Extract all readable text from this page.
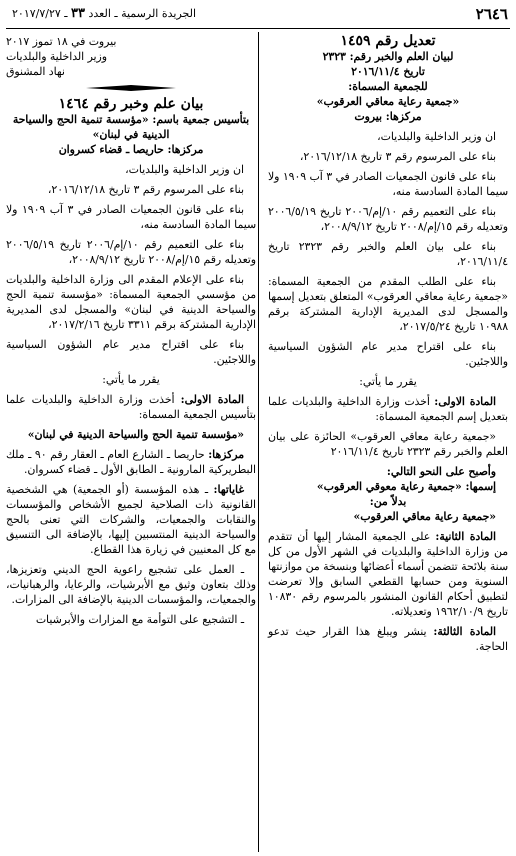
٢٦٤٦
الجريدة الرسمية ـ العدد ٣٣ ـ ٢٠١٧/٧/٢٧

تعديل رقم ١٤٥٩

لبيان العلم والخبر رقم: ٢٣٢٣

تاريخ ٢٠١٦/١١/٤

للجمعية المسماة:

«جمعية رعاية معاقي العرقوب»

مركزها: بيروت

ان وزير الداخلية والبلديات،

بناء على المرسوم رقم ٣ تاريخ ٢٠١٦/١٢/١٨،

بناء على قانون الجمعيات الصادر في ٣ آب ١٩٠٩ ولا سيما المادة السادسة منه،

بناء على التعميم رقم ١٠/إم/٢٠٠٦ تاريخ ٢٠٠٦/٥/١٩ وتعديله رقم ١٥/إم/٢٠٠٨ تاريخ ٢٠٠٨/٩/١٢،

بناء على بيان العلم والخبر رقم ٢٣٢٣ تاريخ ٢٠١٦/١١/٤،

بناء على الطلب المقدم من الجمعية المسماة: «جمعية رعاية معاقي العرقوب» المتعلق بتعديل إسمها والمسجل لدى المديرية الإدارية المشتركة برقم ١٠٩٨٨ تاريخ ٢٠١٧/٥/٢٤،

بناء على اقتراح مدير عام الشؤون السياسية واللاجئين.

يقرر ما يأتي:

المادة الاولى: أخذت وزارة الداخلية والبلديات علما بتعديل إسم الجمعية المسماة:

«جمعية رعاية معاقي العرقوب» الحائزة على بيان العلم والخبر رقم ٢٣٢٣ تاريخ ٢٠١٦/١١/٤

وأصبح على النحو التالي:

إسمها: «جمعية رعاية معوقي العرقوب»

بدلاً من:

«جمعية رعاية معاقي العرقوب»

المادة الثانية: على الجمعية المشار إليها أن تتقدم من وزارة الداخلية والبلديات في الشهر الأول من كل سنة بلائحة تتضمن أسماء أعضائها وبنسخة من موازنتها السنوية ومن حسابها القطعي السابق وإلا تعرضت لتطبيق أحكام القانون المنشور بالمرسوم رقم ١٠٨٣٠ تاريخ ١٩٦٢/١٠/٩ وتعديلاته.

المادة الثالثة: ينشر ويبلغ هذا القرار حيث تدعو الحاجة.

بيروت في ١٨ تموز ٢٠١٧

وزير الداخلية والبلديات

نهاد المشنوق

بيان علم وخبر رقم ١٤٦٤

بتأسيس جمعية باسم: «مؤسسة تنمية الحج والسياحة الدينية في لبنان»

مركزها: حاريصا ـ قضاء كسروان

ان وزير الداخلية والبلديات،

بناء على المرسوم رقم ٣ تاريخ ٢٠١٦/١٢/١٨،

بناء على قانون الجمعيات الصادر في ٣ آب ١٩٠٩ ولا سيما المادة السادسة منه،

بناء على التعميم رقم ١٠/إم/٢٠٠٦ تاريخ ٢٠٠٦/٥/١٩ وتعديله رقم ١٥/إم/٢٠٠٨ تاريخ ٢٠٠٨/٩/١٢،

بناء على الإعلام المقدم الى وزارة الداخلية والبلديات من مؤسسي الجمعية المسماة: «مؤسسة تنمية الحج والسياحة الدينية في لبنان» والمسجل لدى المديرية الإدارية المشتركة برقم ٣٣١١ تاريخ ٢٠١٧/٢/١٦،

بناء على اقتراح مدير عام الشؤون السياسية واللاجئين.

يقرر ما يأتي:

المادة الاولى: أخذت وزارة الداخلية والبلديات علما بتأسيس الجمعية المسماة:

«مؤسسة تنمية الحج والسياحة الدينية في لبنان»

مركزها: حاريصا ـ الشارع العام ـ العقار رقم ٩٠ ـ ملك البطريركية المارونية ـ الطابق الأول ـ قضاء كسروان.

غاياتها: ـ هذه المؤسسة (أو الجمعية) هي الشخصية القانونية ذات الصلاحية لجميع الأشخاص والمؤسسات والنقابات والجمعيات، والشركات التي تعنى بالحج والسياحة الدينية المنتسبين إليها، بالإضافة الى التنسيق مع كل المعنيين في زيارة هذا القطاع.

ـ العمل على تشجيع راعوية الحج الديني وتعزيزها، وذلك بتعاون وثيق مع الأبرشيات، والرعايا، والرهبانيات، والجمعيات، والمؤسسات الدينية بالإضافة الى المزارات.

ـ التشجيع على التوأمة مع المزارات والأبرشيات
